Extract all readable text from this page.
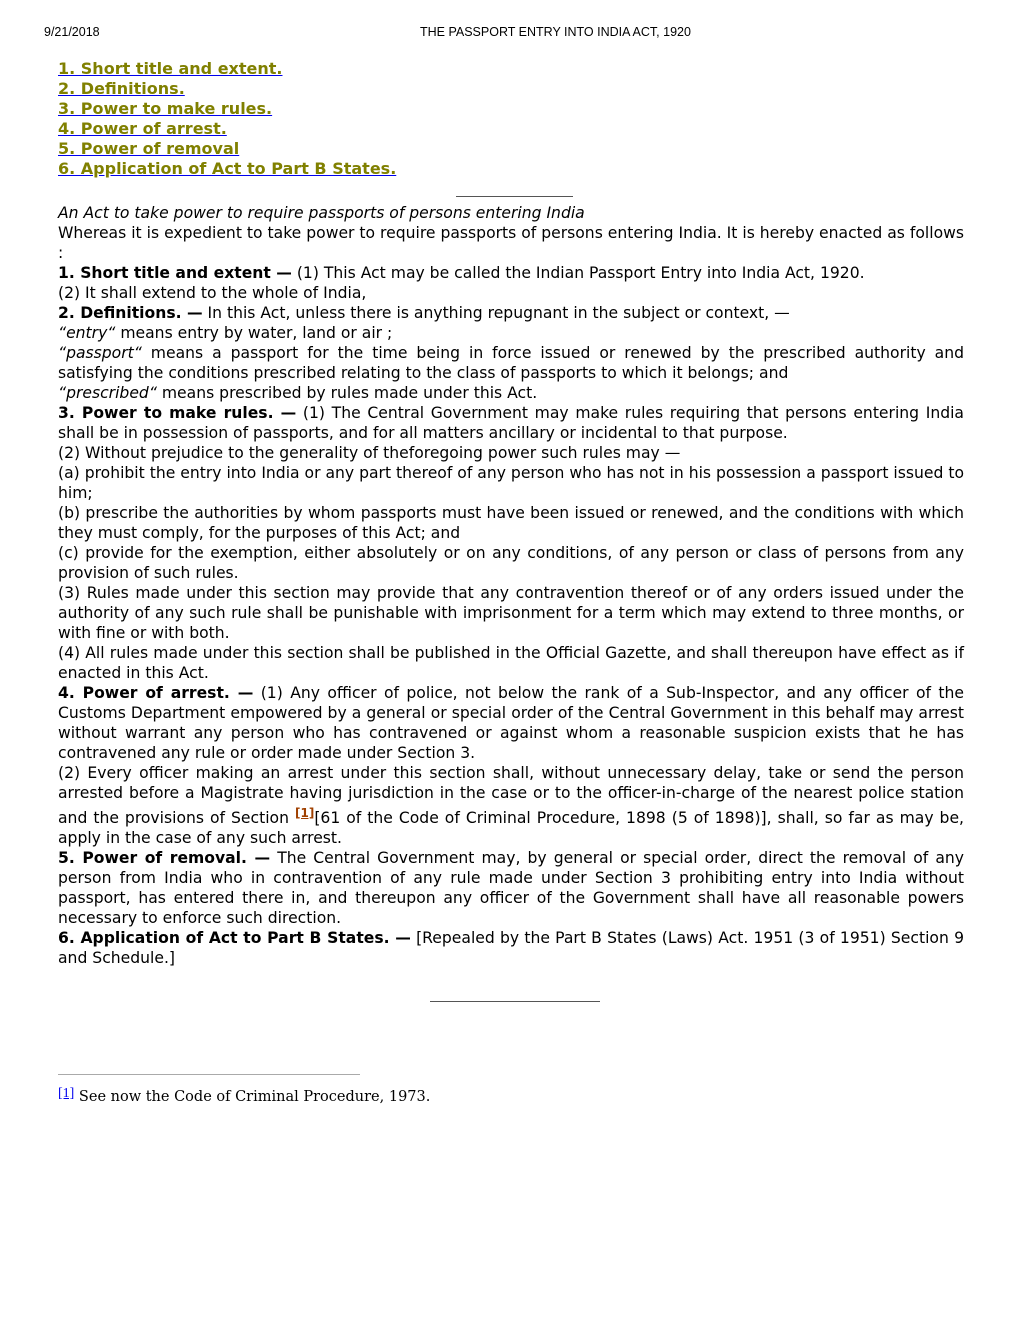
9/21/2018	THE PASSPORT ENTRY INTO INDIA ACT, 1920
1. Short title and extent.
2. Definitions.
3. Power to make rules.
4. Power of arrest.
5. Power of removal
6. Application of Act to Part B States.

An Act to take power to require passports of persons entering India

Whereas it is expedient to take power to require passports of persons entering India. It is hereby enacted as follows :

1. Short title and extent — (1) This Act may be called the Indian Passport Entry into India Act, 1920.

(2) It shall extend to the whole of India,

2. Definitions. — In this Act, unless there is anything repugnant in the subject or context, —

“entry“ means entry by water, land or air ;

“passport“ means a passport for the time being in force issued or renewed by the prescribed authority and satisfying the conditions prescribed relating to the class of passports to which it belongs; and

“prescribed“ means prescribed by rules made under this Act.

3. Power to make rules. — (1) The Central Government may make rules requiring that persons entering India shall be in possession of passports, and for all matters ancillary or incidental to that purpose.

(2) Without prejudice to the generality of theforegoing power such rules may —

(a) prohibit the entry into India or any part thereof of any person who has not in his possession a passport issued to him;

(b) prescribe the authorities by whom passports must have been issued or renewed, and the conditions with which they must comply, for the purposes of this Act; and

(c) provide for the exemption, either absolutely or on any conditions, of any person or class of persons from any provision of such rules.

(3) Rules made under this section may provide that any contravention thereof or of any orders issued under the authority of any such rule shall be punishable with imprisonment for a term which may extend to three months, or with fine or with both.

(4) All rules made under this section shall be published in the Official Gazette, and shall thereupon have effect as if enacted in this Act.

4. Power of arrest. — (1) Any officer of police, not below the rank of a Sub-Inspector, and any officer of the Customs Department empowered by a general or special order of the Central Government in this behalf may arrest without warrant any person who has contravened or against whom a reasonable suspicion exists that he has contravened any rule or order made under Section 3.

(2) Every officer making an arrest under this section shall, without unnecessary delay, take or send the person arrested before a Magistrate having jurisdiction in the case or to the officer-in-charge of the nearest police station and the provisions of Section [1][61 of the Code of Criminal Procedure, 1898 (5 of 1898)], shall, so far as may be, apply in the case of any such arrest.

5. Power of removal. — The Central Government may, by general or special order, direct the removal of any person from India who in contravention of any rule made under Section 3 prohibiting entry into India without passport, has entered there in, and thereupon any officer of the Government shall have all reasonable powers necessary to enforce such direction.

6. Application of Act to Part B States. — [Repealed by the Part B States (Laws) Act. 1951 (3 of 1951) Section 9 and Schedule.]

[1] See now the Code of Criminal Procedure, 1973.
